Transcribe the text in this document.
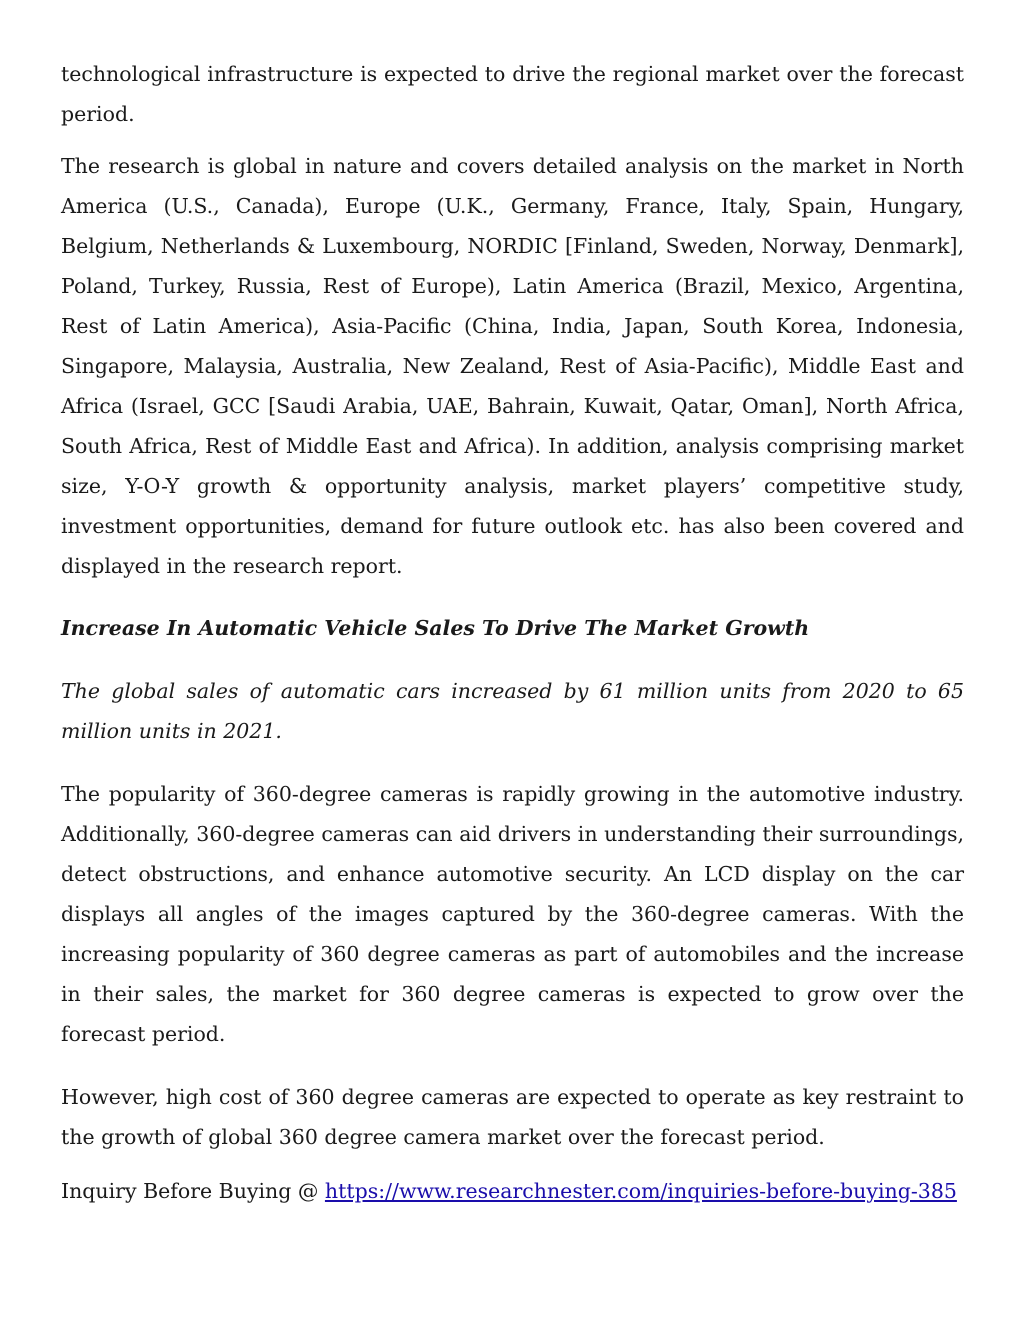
technological infrastructure is expected to drive the regional market over the forecast period.

The research is global in nature and covers detailed analysis on the market in North America (U.S., Canada), Europe (U.K., Germany, France, Italy, Spain, Hungary, Belgium, Netherlands & Luxembourg, NORDIC [Finland, Sweden, Norway, Denmark], Poland, Turkey, Russia, Rest of Europe), Latin America (Brazil, Mexico, Argentina, Rest of Latin America), Asia-Pacific (China, India, Japan, South Korea, Indonesia, Singapore, Malaysia, Australia, New Zealand, Rest of Asia-Pacific), Middle East and Africa (Israel, GCC [Saudi Arabia, UAE, Bahrain, Kuwait, Qatar, Oman], North Africa, South Africa, Rest of Middle East and Africa). In addition, analysis comprising market size, Y-O-Y growth & opportunity analysis, market players’ competitive study, investment opportunities, demand for future outlook etc. has also been covered and displayed in the research report.

Increase In Automatic Vehicle Sales To Drive The Market Growth

The global sales of automatic cars increased by 61 million units from 2020 to 65 million units in 2021.

The popularity of 360-degree cameras is rapidly growing in the automotive industry. Additionally, 360-degree cameras can aid drivers in understanding their surroundings, detect obstructions, and enhance automotive security. An LCD display on the car displays all angles of the images captured by the 360-degree cameras. With the increasing popularity of 360 degree cameras as part of automobiles and the increase in their sales, the market for 360 degree cameras is expected to grow over the forecast period.

However, high cost of 360 degree cameras are expected to operate as key restraint to the growth of global 360 degree camera market over the forecast period.

Inquiry Before Buying @ https://www.researchnester.com/inquiries-before-buying-385
